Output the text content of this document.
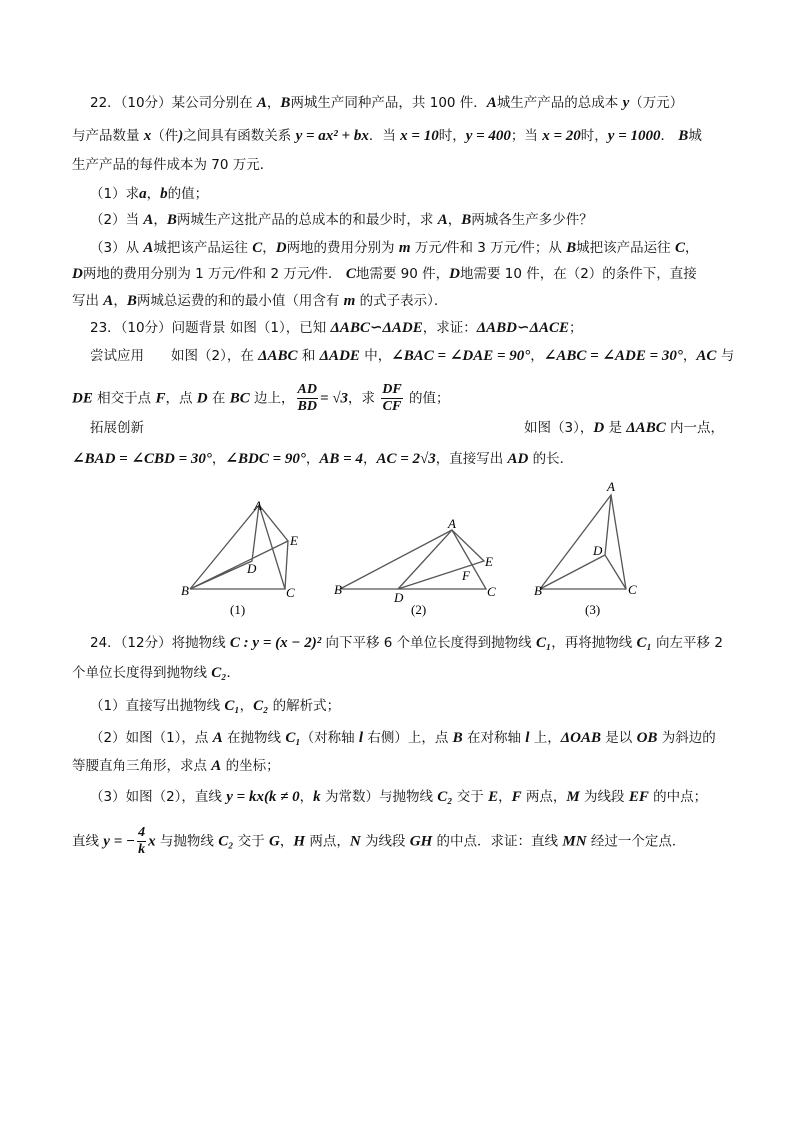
22．（10分）某公司分别在 A，B两城生产同种产品，共 100 件．A城生产产品的总成本 y（万元）
与产品数量 x（件)之间具有函数关系 y = ax² + bx．当 x = 10时，y = 400；当 x = 20时，y = 1000． B城
生产产品的每件成本为 70 万元．
（1）求a，b的值；
（2）当 A，B两城生产这批产品的总成本的和最少时，求 A，B两城各生产多少件？
（3）从 A城把该产品运往 C，D两地的费用分别为 m 万元/件和 3 万元/件；从 B城把该产品运往 C，
D两地的费用分别为 1 万元/件和 2 万元/件． C地需要 90 件，D地需要 10 件，在（2）的条件下，直接
写出 A，B两城总运费的和的最小值（用含有 m 的式子表示）．
23．（10分）问题背景 如图（1），已知 ΔABC∽ΔADE，求证：ΔABD∽ΔACE；
尝试应用　　如图（2），在 ΔABC 和 ΔADE 中，∠BAC = ∠DAE = 90°，∠ABC = ∠ADE = 30°，AC 与
DE 相交于点 F，点 D 在 BC 边上， $\frac{AD}{BD} = √3$，求 $\frac{DF}{CF}$ 的值；
拓展创新	如图（3），D 是 ΔABC 内一点，
∠BAD = ∠CBD = 30°，∠BDC = 90°，AB = 4，AC = 2√3，直接写出 AD 的长．
24．（12分）将抛物线 C : y = (x − 2)² 向下平移 6 个单位长度得到抛物线 C₁，再将抛物线 C₁ 向左平移 2
个单位长度得到抛物线 C₂．
（1）直接写出抛物线 C₁，C₂ 的解析式；
（2）如图（1），点 A 在抛物线 C₁（对称轴 l 右侧）上，点 B 在对称轴 l 上，ΔOAB 是以 OB 为斜边的
等腰直角三角形，求点 A 的坐标；
（3）如图（2），直线 y = kx(k ≠ 0，k 为常数）与抛物线 C₂ 交于 E，F 两点，M 为线段 EF 的中点；
直线 y = − $\frac{4}{k}$ x 与抛物线 C₂ 交于 G，H 两点，N 为线段 GH 的中点．求证：直线 MN 经过一个定点．
A
B	C
D
E
(1)
A
B	C
D
E
F
(2)
A
B	C
D
(3)
